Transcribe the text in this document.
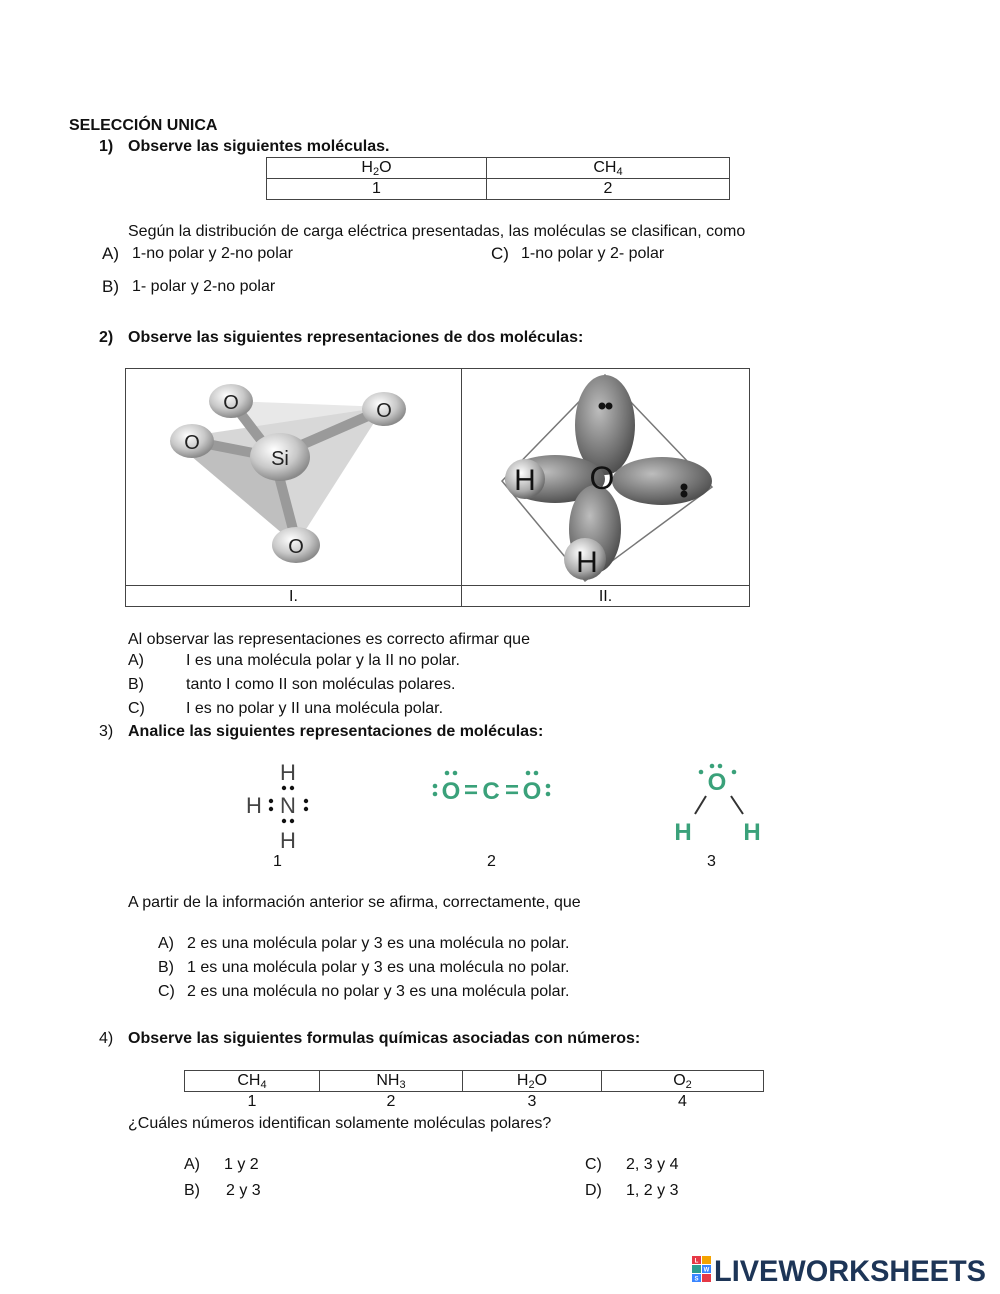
SELECCIÓN UNICA
1) Observe las siguientes moléculas.
$H_2O$	$CH_4$
1	2
Según la distribución de carga eléctrica presentadas, las moléculas se clasifican, como
A) 1-no polar y 2-no polar	C) 1-no polar y 2- polar
B) 1- polar y 2-no polar
2) Observe las siguientes representaciones de dos moléculas:
O	O
O
Si
O
H O
H
I.	II.
Al observar las representaciones es correcto afirmar que
A)	I es una molécula polar y la II no polar.
B)	tanto I como II son moléculas polares.
C)	I es no polar y II una molécula polar.
3) Analice las siguientes representaciones de moléculas:
H
H N
H
O = C = O	O
H H
1	2	3
A partir de la información anterior se afirma, correctamente, que
A) 2 es una molécula polar y 3 es una molécula no polar.
B) 1 es una molécula polar y 3 es una molécula no polar.
C) 2 es una molécula no polar y 3 es una molécula polar.
4) Observe las siguientes formulas químicas asociadas con números:
$CH_4$	$NH_3$	$H_2O$	$O_2$
1	2	3	4
¿Cuáles números identifican solamente moléculas polares?
A) 1 y 2	C) 2, 3 y 4
B) 2 y 3	D) 1, 2 y 3
L
W
S LIVEWORKSHEETS
